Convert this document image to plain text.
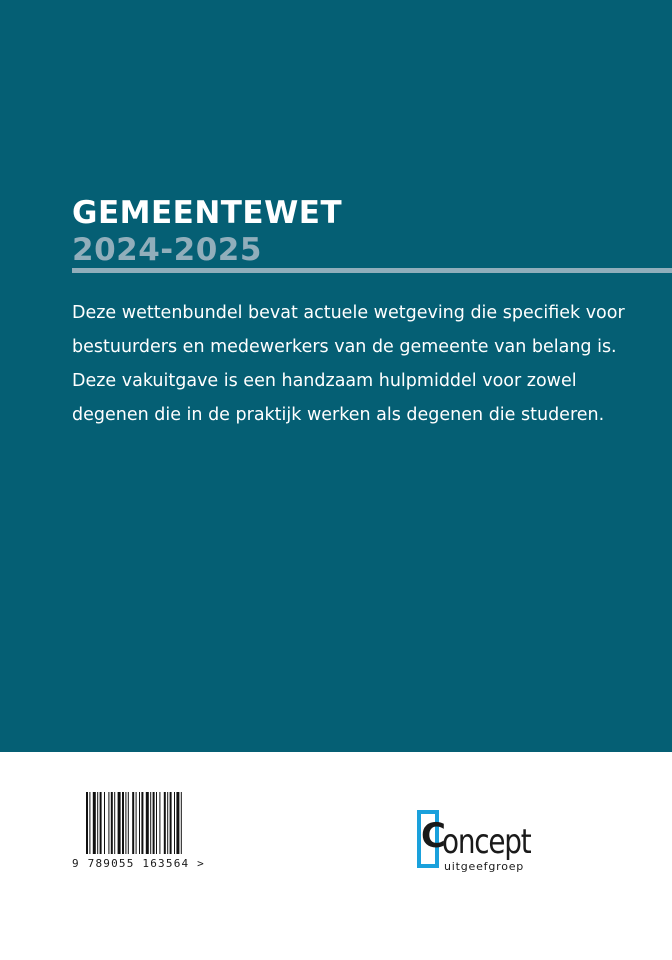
GEMEENTEWET
2024-2025
Deze wettenbundel bevat actuele wetgeving die specifiek voor
bestuurders en medewerkers van de gemeente van belang is.
Deze vakuitgave is een handzaam hulpmiddel voor zowel
degenen die in de praktijk werken als degenen die studeren.
9 789055 163564 >
C
oncept
uitgeefgroep
